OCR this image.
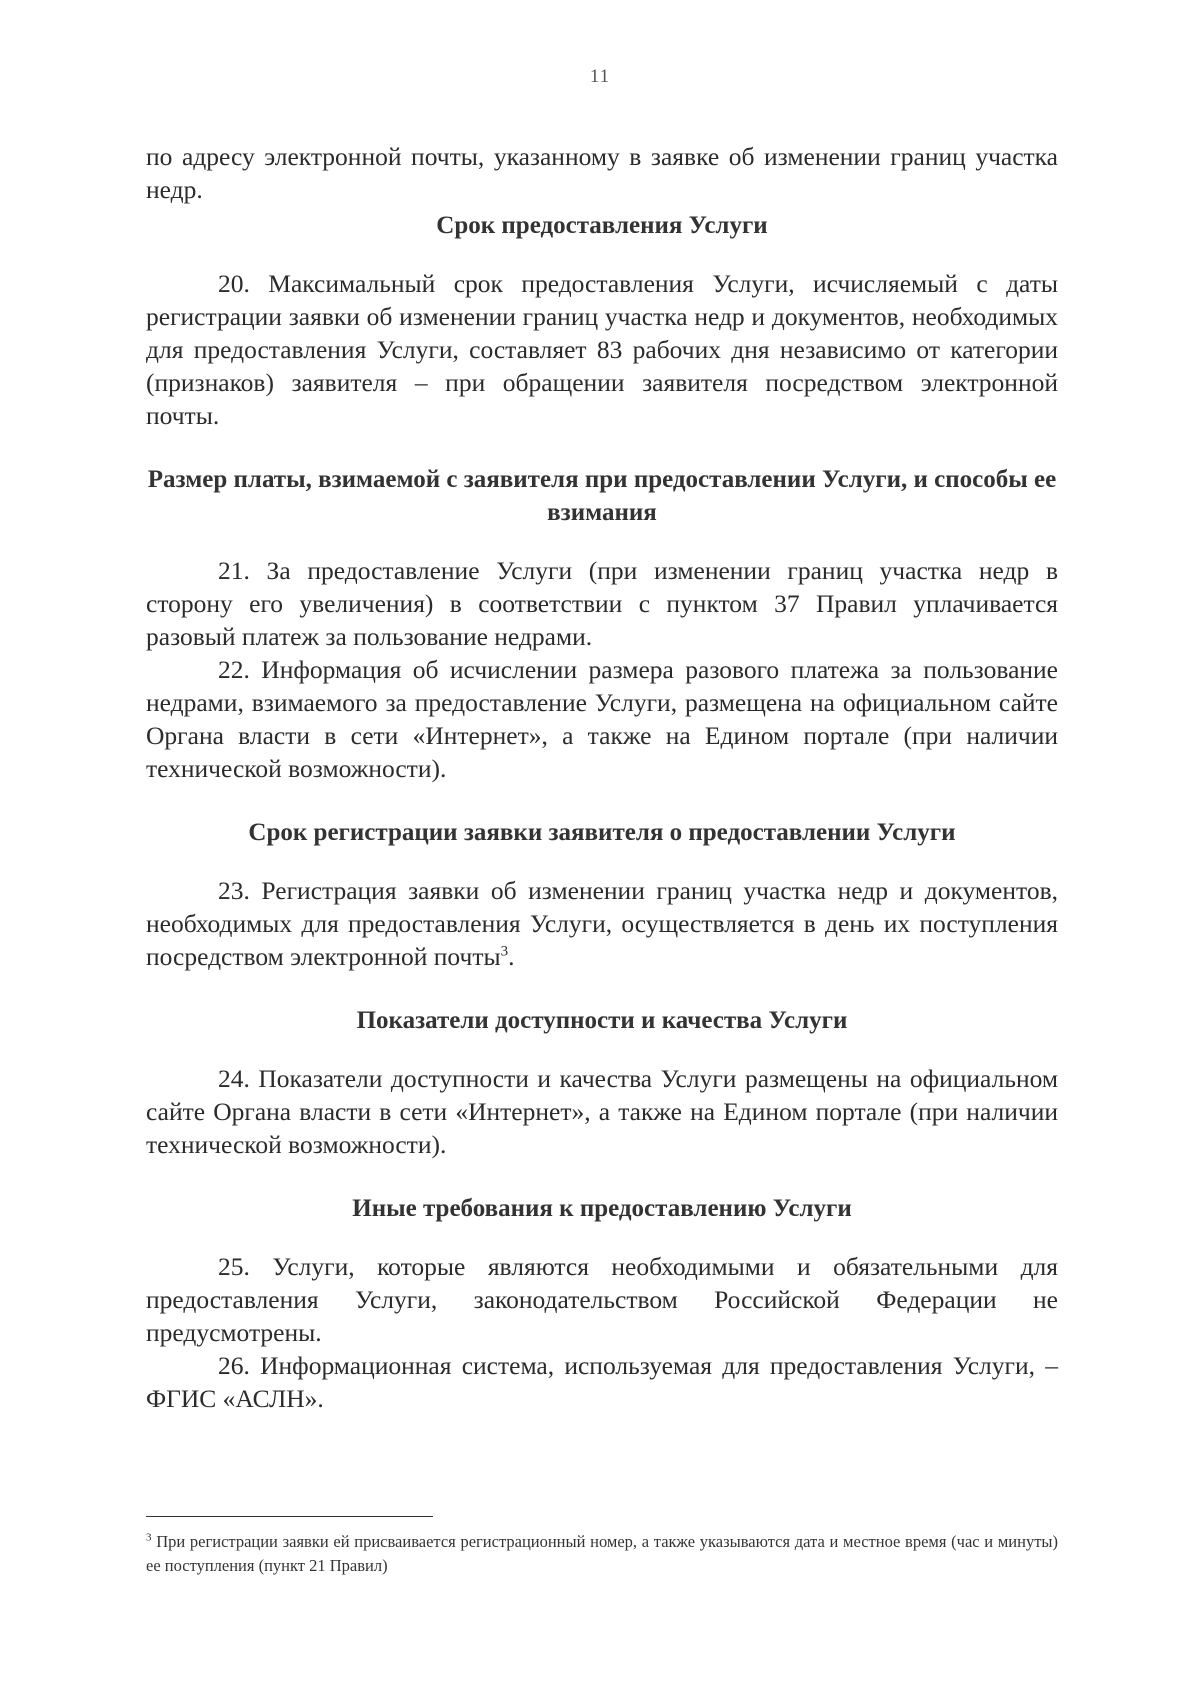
11

по адресу электронной почты, указанному в заявке об изменении границ участка недр.

Срок предоставления Услуги

20. Максимальный срок предоставления Услуги, исчисляемый с даты регистрации заявки об изменении границ участка недр и документов, необходимых для предоставления Услуги, составляет 83 рабочих дня независимо от категории (признаков) заявителя – при обращении заявителя посредством электронной почты.

Размер платы, взимаемой с заявителя при предоставлении Услуги, и способы ее взимания

21. За предоставление Услуги (при изменении границ участка недр в сторону его увеличения) в соответствии с пунктом 37 Правил уплачивается разовый платеж за пользование недрами.

22. Информация об исчислении размера разового платежа за пользование недрами, взимаемого за предоставление Услуги, размещена на официальном сайте Органа власти в сети «Интернет», а также на Едином портале (при наличии технической возможности).

Срок регистрации заявки заявителя о предоставлении Услуги

23. Регистрация заявки об изменении границ участка недр и документов, необходимых для предоставления Услуги, осуществляется в день их поступления посредством электронной почты$^3$.

Показатели доступности и качества Услуги

24. Показатели доступности и качества Услуги размещены на официальном сайте Органа власти в сети «Интернет», а также на Едином портале (при наличии технической возможности).

Иные требования к предоставлению Услуги

25. Услуги, которые являются необходимыми и обязательными для предоставления Услуги, законодательством Российской Федерации не предусмотрены.

26. Информационная система, используемая для предоставления Услуги, – ФГИС «АСЛН».

$^3$ При регистрации заявки ей присваивается регистрационный номер, а также указываются дата и местное время (час и минуты) ее поступления (пункт 21 Правил)
